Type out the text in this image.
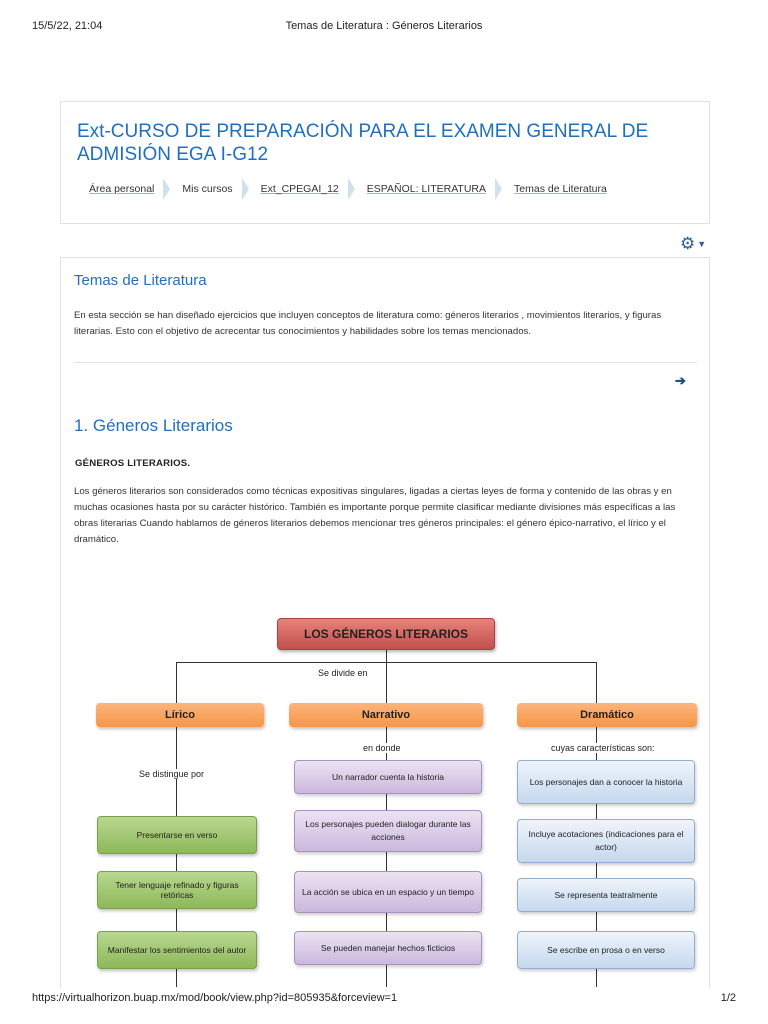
15/5/22, 21:04	Temas de Literatura : Géneros Literarios
Ext-CURSO DE PREPARACIÓN PARA EL EXAMEN GENERAL DE ADMISIÓN EGA I-G12
Área personal	Mis cursos	Ext_CPEGAI_12	ESPAÑOL: LITERATURA	Temas de Literatura
⚙ ▼
Temas de Literatura
En esta sección se han diseñado ejercicios que incluyen conceptos de literatura como: géneros literarios , movimientos literarios, y figuras literarias. Esto con el objetivo de acrecentar tus conocimientos y habilidades sobre los temas mencionados.
➔
1. Géneros Literarios
GÉNEROS LITERARIOS.
Los géneros literarios son considerados como técnicas expositivas singulares, ligadas a ciertas leyes de forma y contenido de las obras y en muchas ocasiones hasta por su carácter histórico. También es importante porque permite clasificar mediante divisiones más específicas a las obras literarias Cuando hablamos de géneros literarios debemos mencionar tres géneros principales: el género épico-narrativo, el lírico y el dramático.
LOS GÉNEROS LITERARIOS
Se divide en
Lírico	Narrativo	Dramático
Se distingue por
en donde	cuyas características son:
Presentarse en verso
Tener lenguaje refinado y figuras retóricas
Manifestar los sentimientos del autor
Un narrador cuenta la historia
Los personajes pueden dialogar durante las acciones
La acción se ubica en un espacio y un tiempo
Se pueden manejar hechos ficticios
Los personajes dan a conocer la historia
Incluye acotaciones (indicaciones para el actor)
Se representa teatralmente
Se escribe en prosa o en verso
https://virtualhorizon.buap.mx/mod/book/view.php?id=805935&forceview=1	1/2
